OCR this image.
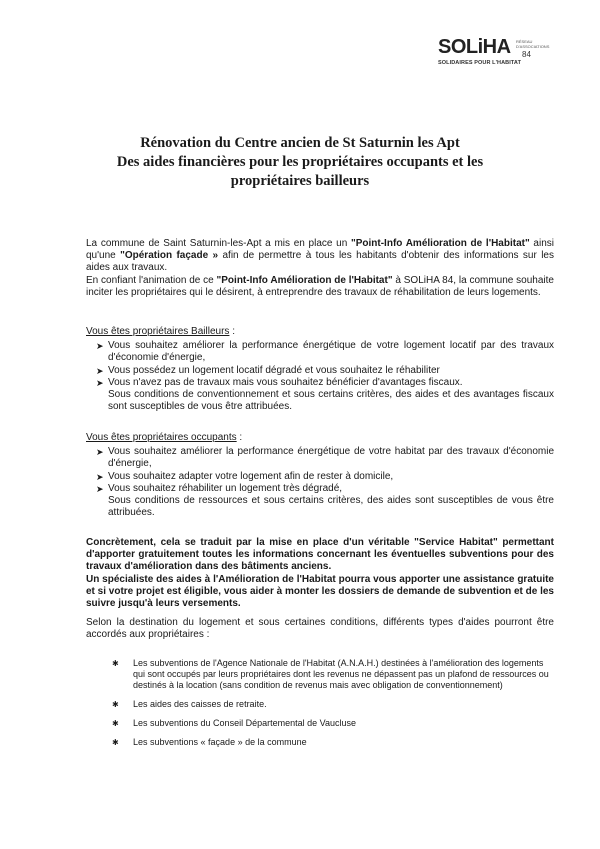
SOLiHA RÉSEAU D'ASSOCIATIONS
84
SOLIDAIRES POUR L'HABITAT
Rénovation du Centre ancien de St Saturnin les Apt
Des aides financières pour les propriétaires occupants et les
propriétaires bailleurs
La commune de Saint Saturnin-les-Apt a mis en place un "Point-Info Amélioration de l'Habitat" ainsi qu'une "Opération façade » afin de permettre à tous les habitants d'obtenir des informations sur les aides aux travaux.
En confiant l'animation de ce "Point-Info Amélioration de l'Habitat" à SOLiHA 84, la commune souhaite inciter les propriétaires qui le désirent, à entreprendre des travaux de réhabilitation de leurs logements.
Vous êtes propriétaires Bailleurs :
➤ Vous souhaitez améliorer la performance énergétique de votre logement locatif par des travaux d'économie d'énergie,
➤ Vous possédez un logement locatif dégradé et vous souhaitez le réhabiliter
➤ Vous n'avez pas de travaux mais vous souhaitez bénéficier d'avantages fiscaux.
Sous conditions de conventionnement et sous certains critères, des aides et des avantages fiscaux sont susceptibles de vous être attribuées.
Vous êtes propriétaires occupants :
➤ Vous souhaitez améliorer la performance énergétique de votre habitat par des travaux d'économie d'énergie,
➤ Vous souhaitez adapter votre logement afin de rester à domicile,
➤ Vous souhaitez réhabiliter un logement très dégradé,
Sous conditions de ressources et sous certains critères, des aides sont susceptibles de vous être attribuées.
Concrètement, cela se traduit par la mise en place d'un véritable "Service Habitat" permettant d'apporter gratuitement toutes les informations concernant les éventuelles subventions pour des travaux d'amélioration dans des bâtiments anciens.
Un spécialiste des aides à l'Amélioration de l'Habitat pourra vous apporter une assistance gratuite et si votre projet est éligible, vous aider à monter les dossiers de demande de subvention et de les suivre jusqu'à leurs versements.
Selon la destination du logement et sous certaines conditions, différents types d'aides pourront être accordés aux propriétaires :
✱ Les subventions de l'Agence Nationale de l'Habitat (A.N.A.H.) destinées à l'amélioration des logements qui sont occupés par leurs propriétaires dont les revenus ne dépassent pas un plafond de ressources ou destinés à la location (sans condition de revenus mais avec obligation de conventionnement)
✱ Les aides des caisses de retraite.
✱ Les subventions du Conseil Départemental de Vaucluse
✱ Les subventions « façade » de la commune
